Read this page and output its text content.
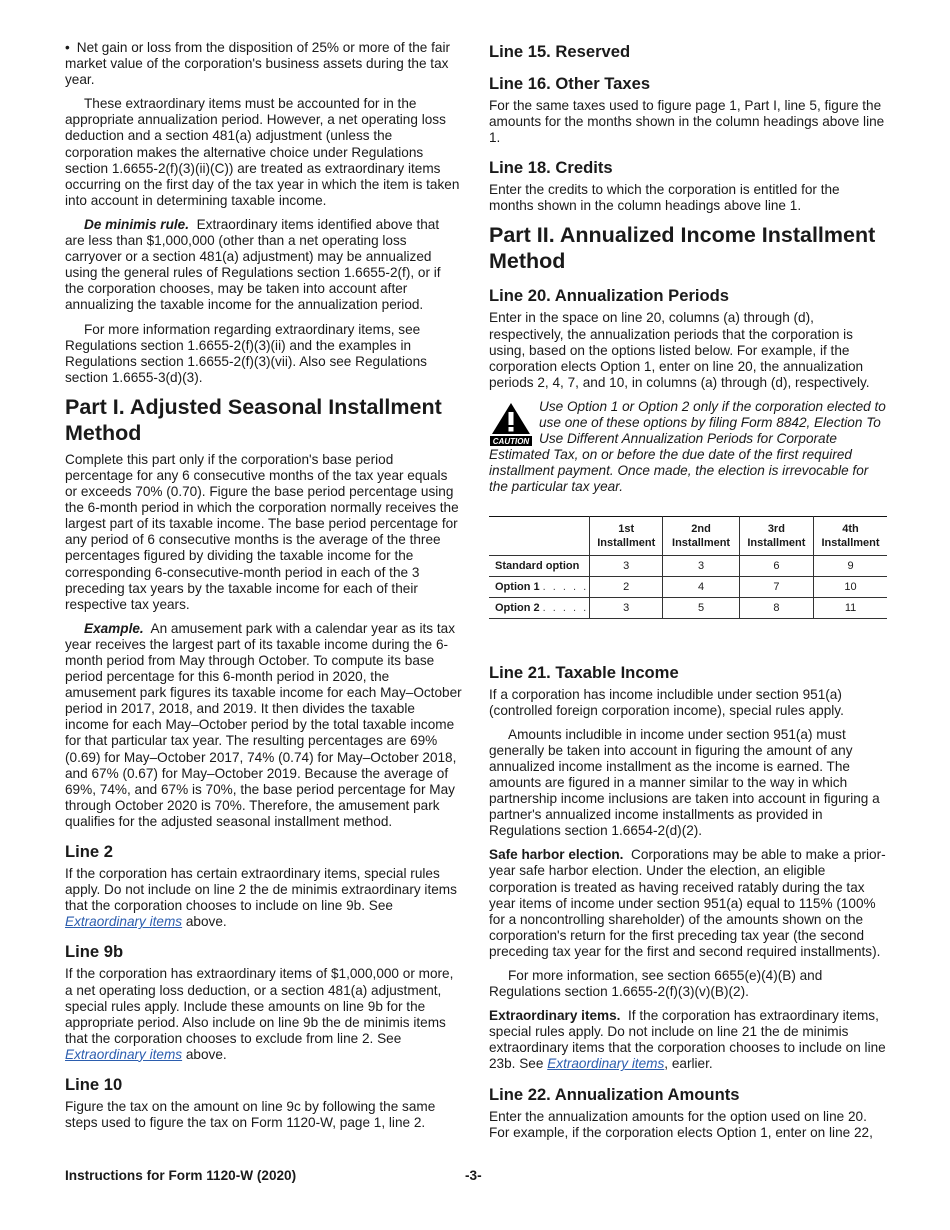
• Net gain or loss from the disposition of 25% or more of the fair market value of the corporation's business assets during the tax year.

These extraordinary items must be accounted for in the appropriate annualization period. However, a net operating loss deduction and a section 481(a) adjustment (unless the corporation makes the alternative choice under Regulations section 1.6655-2(f)(3)(ii)(C)) are treated as extraordinary items occurring on the first day of the tax year in which the item is taken into account in determining taxable income.

De minimis rule. Extraordinary items identified above that are less than $1,000,000 (other than a net operating loss carryover or a section 481(a) adjustment) may be annualized using the general rules of Regulations section 1.6655-2(f), or if the corporation chooses, may be taken into account after annualizing the taxable income for the annualization period.

For more information regarding extraordinary items, see Regulations section 1.6655-2(f)(3)(ii) and the examples in Regulations section 1.6655-2(f)(3)(vii). Also see Regulations section 1.6655-3(d)(3).

Part I. Adjusted Seasonal Installment Method

Complete this part only if the corporation's base period percentage for any 6 consecutive months of the tax year equals or exceeds 70% (0.70). Figure the base period percentage using the 6-month period in which the corporation normally receives the largest part of its taxable income. The base period percentage for any period of 6 consecutive months is the average of the three percentages figured by dividing the taxable income for the corresponding 6-consecutive-month period in each of the 3 preceding tax years by the taxable income for each of their respective tax years.

Example. An amusement park with a calendar year as its tax year receives the largest part of its taxable income during the 6-month period from May through October. To compute its base period percentage for this 6-month period in 2020, the amusement park figures its taxable income for each May–October period in 2017, 2018, and 2019. It then divides the taxable income for each May–October period by the total taxable income for that particular tax year. The resulting percentages are 69% (0.69) for May–October 2017, 74% (0.74) for May–October 2018, and 67% (0.67) for May–October 2019. Because the average of 69%, 74%, and 67% is 70%, the base period percentage for May through October 2020 is 70%. Therefore, the amusement park qualifies for the adjusted seasonal installment method.

Line 2

If the corporation has certain extraordinary items, special rules apply. Do not include on line 2 the de minimis extraordinary items that the corporation chooses to include on line 9b. See Extraordinary items above.

Line 9b

If the corporation has extraordinary items of $1,000,000 or more, a net operating loss deduction, or a section 481(a) adjustment, special rules apply. Include these amounts on line 9b for the appropriate period. Also include on line 9b the de minimis items that the corporation chooses to exclude from line 2. See Extraordinary items above.

Line 10

Figure the tax on the amount on line 9c by following the same steps used to figure the tax on Form 1120-W, page 1, line 2.

Line 15. Reserved
Line 16. Other Taxes

For the same taxes used to figure page 1, Part I, line 5, figure the amounts for the months shown in the column headings above line 1.

Line 18. Credits

Enter the credits to which the corporation is entitled for the months shown in the column headings above line 1.

Part II. Annualized Income Installment Method
Line 20. Annualization Periods

Enter in the space on line 20, columns (a) through (d), respectively, the annualization periods that the corporation is using, based on the options listed below. For example, if the corporation elects Option 1, enter on line 20, the annualization periods 2, 4, 7, and 10, in columns (a) through (d), respectively.

CAUTION
Use Option 1 or Option 2 only if the corporation elected to use one of these options by filing Form 8842, Election To Use Different Annualization Periods for Corporate Estimated Tax, on or before the due date of the first required installment payment. Once made, the election is irrevocable for the particular tax year.
	1st Installment	2nd Installment	3rd Installment	4th Installment
Standard option	3	3	6	9
Option 1 . . . . .	2	4	7	10
Option 2 . . . . .	3	5	8	11
Line 21. Taxable Income

If a corporation has income includible under section 951(a) (controlled foreign corporation income), special rules apply.

Amounts includible in income under section 951(a) must generally be taken into account in figuring the amount of any annualized income installment as the income is earned. The amounts are figured in a manner similar to the way in which partnership income inclusions are taken into account in figuring a partner's annualized income installments as provided in Regulations section 1.6654-2(d)(2).

Safe harbor election. Corporations may be able to make a prior-year safe harbor election. Under the election, an eligible corporation is treated as having received ratably during the tax year items of income under section 951(a) equal to 115% (100% for a noncontrolling shareholder) of the amounts shown on the corporation's return for the first preceding tax year (the second preceding tax year for the first and second required installments).

For more information, see section 6655(e)(4)(B) and Regulations section 1.6655-2(f)(3)(v)(B)(2).

Extraordinary items. If the corporation has extraordinary items, special rules apply. Do not include on line 21 the de minimis extraordinary items that the corporation chooses to include on line 23b. See Extraordinary items, earlier.

Line 22. Annualization Amounts

Enter the annualization amounts for the option used on line 20. For example, if the corporation elects Option 1, enter on line 22,

Instructions for Form 1120-W (2020)	-3-
